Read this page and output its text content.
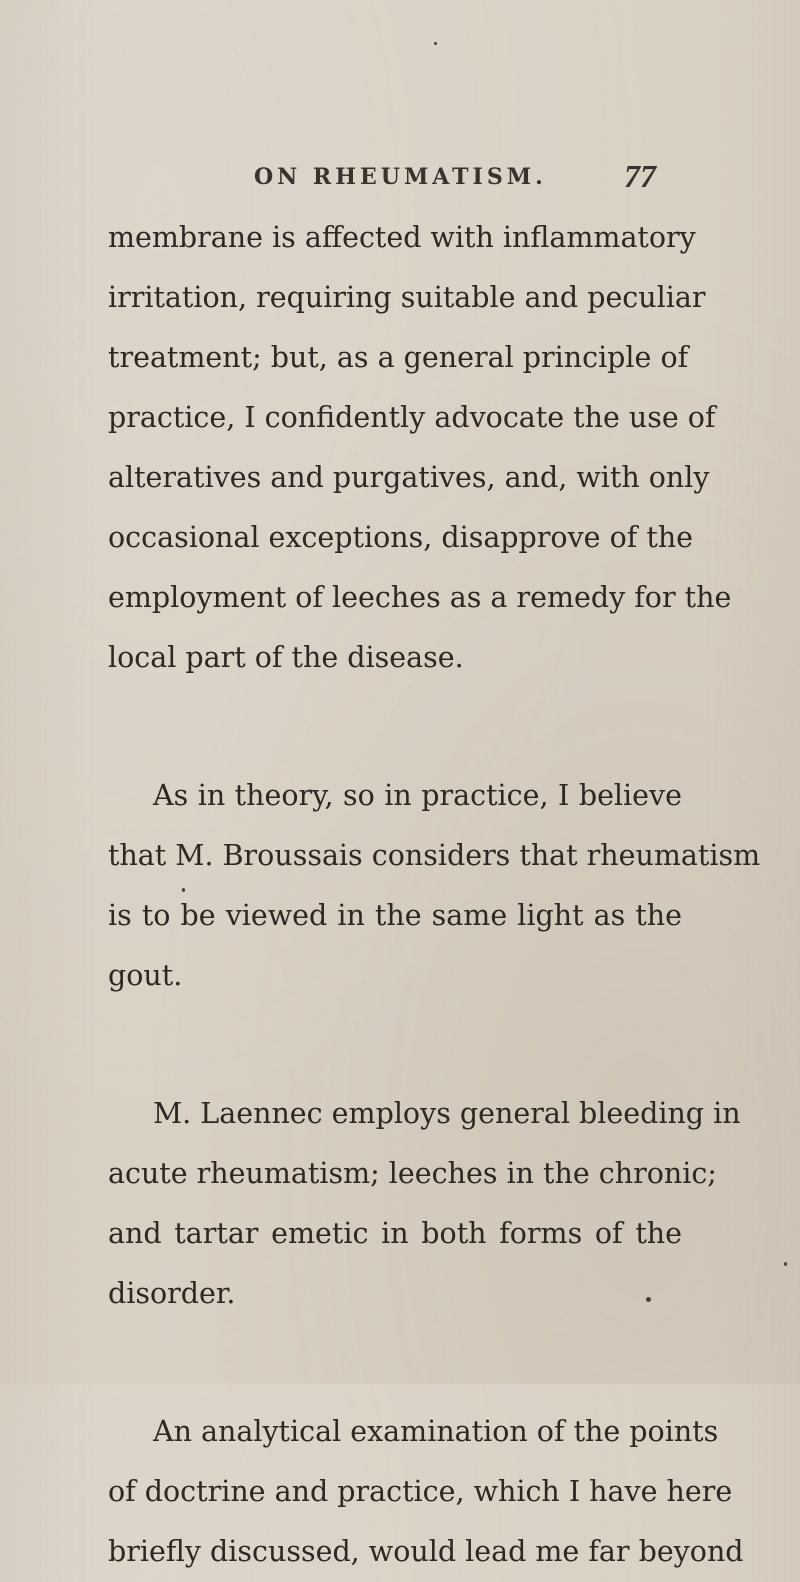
ON RHEUMATISM. 77
membrane is affected with inflammatory
irritation, requiring suitable and peculiar
treatment; but, as a general principle of
practice, I confidently advocate the use of
alteratives and purgatives, and, with only
occasional exceptions, disapprove of the
employment of leeches as a remedy for the
local part of the disease.
As in theory, so in practice, I believe
that M. Broussais considers that rheumatism
is to be viewed in the same light as the
gout.
M. Laennec employs general bleeding in
acute rheumatism; leeches in the chronic;
and tartar emetic in both forms of the
disorder.
An analytical examination of the points
of doctrine and practice, which I have here
briefly discussed, would lead me far beyond
